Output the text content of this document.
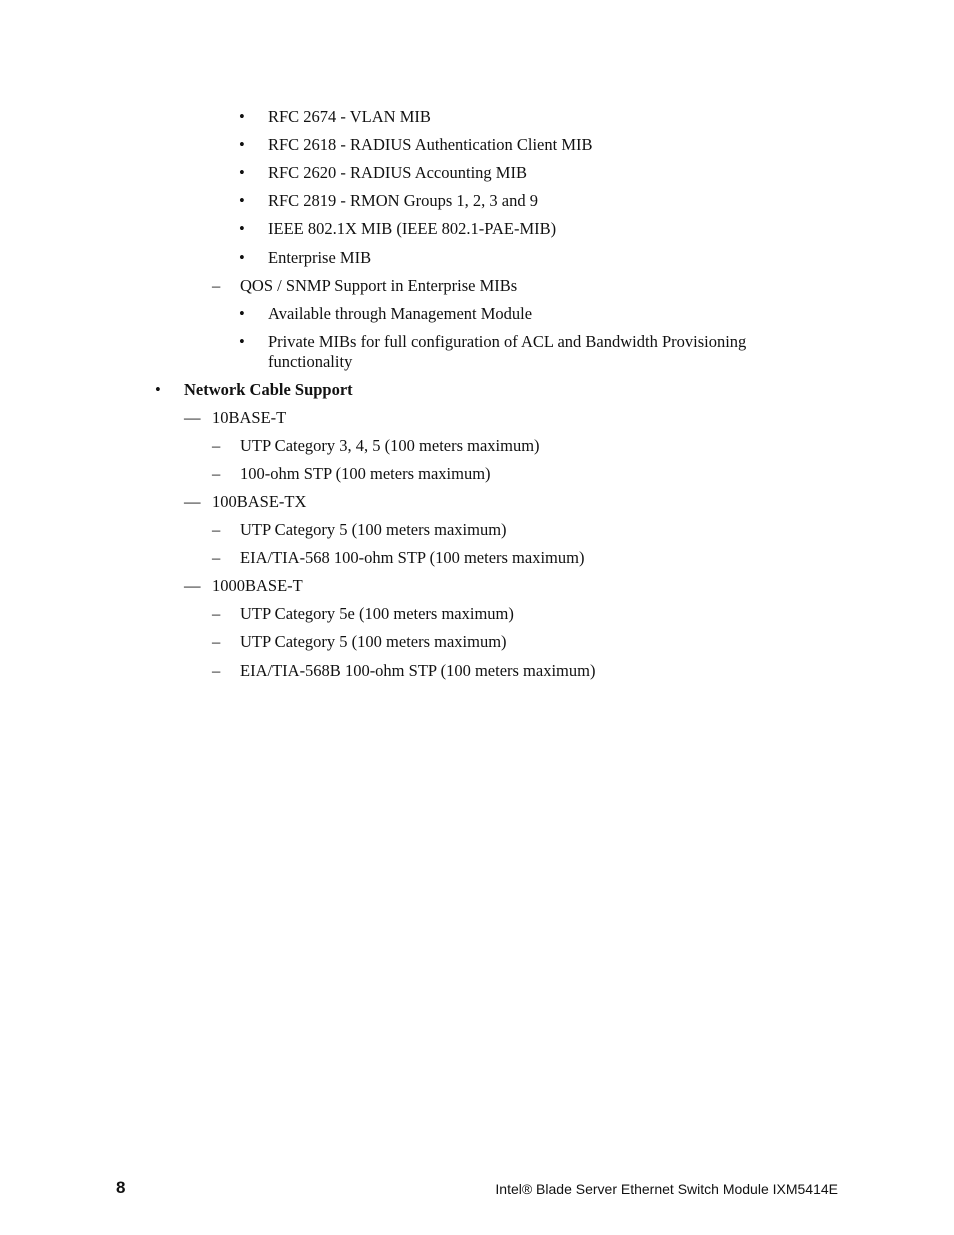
• RFC 2674 - VLAN MIB
• RFC 2618 - RADIUS Authentication Client MIB
• RFC 2620 - RADIUS Accounting MIB
• RFC 2819 - RMON Groups 1, 2, 3 and 9
• IEEE 802.1X MIB (IEEE 802.1-PAE-MIB)
• Enterprise MIB
– QOS / SNMP Support in Enterprise MIBs
• Available through Management Module
• Private MIBs for full configuration of ACL and Bandwidth Provisioning
functionality
• Network Cable Support
— 10BASE-T
– UTP Category 3, 4, 5 (100 meters maximum)
– 100-ohm STP (100 meters maximum)
— 100BASE-TX
– UTP Category 5 (100 meters maximum)
– EIA/TIA-568 100-ohm STP (100 meters maximum)
— 1000BASE-T
– UTP Category 5e (100 meters maximum)
– UTP Category 5 (100 meters maximum)
– EIA/TIA-568B 100-ohm STP (100 meters maximum)
8	Intel® Blade Server Ethernet Switch Module IXM5414E
